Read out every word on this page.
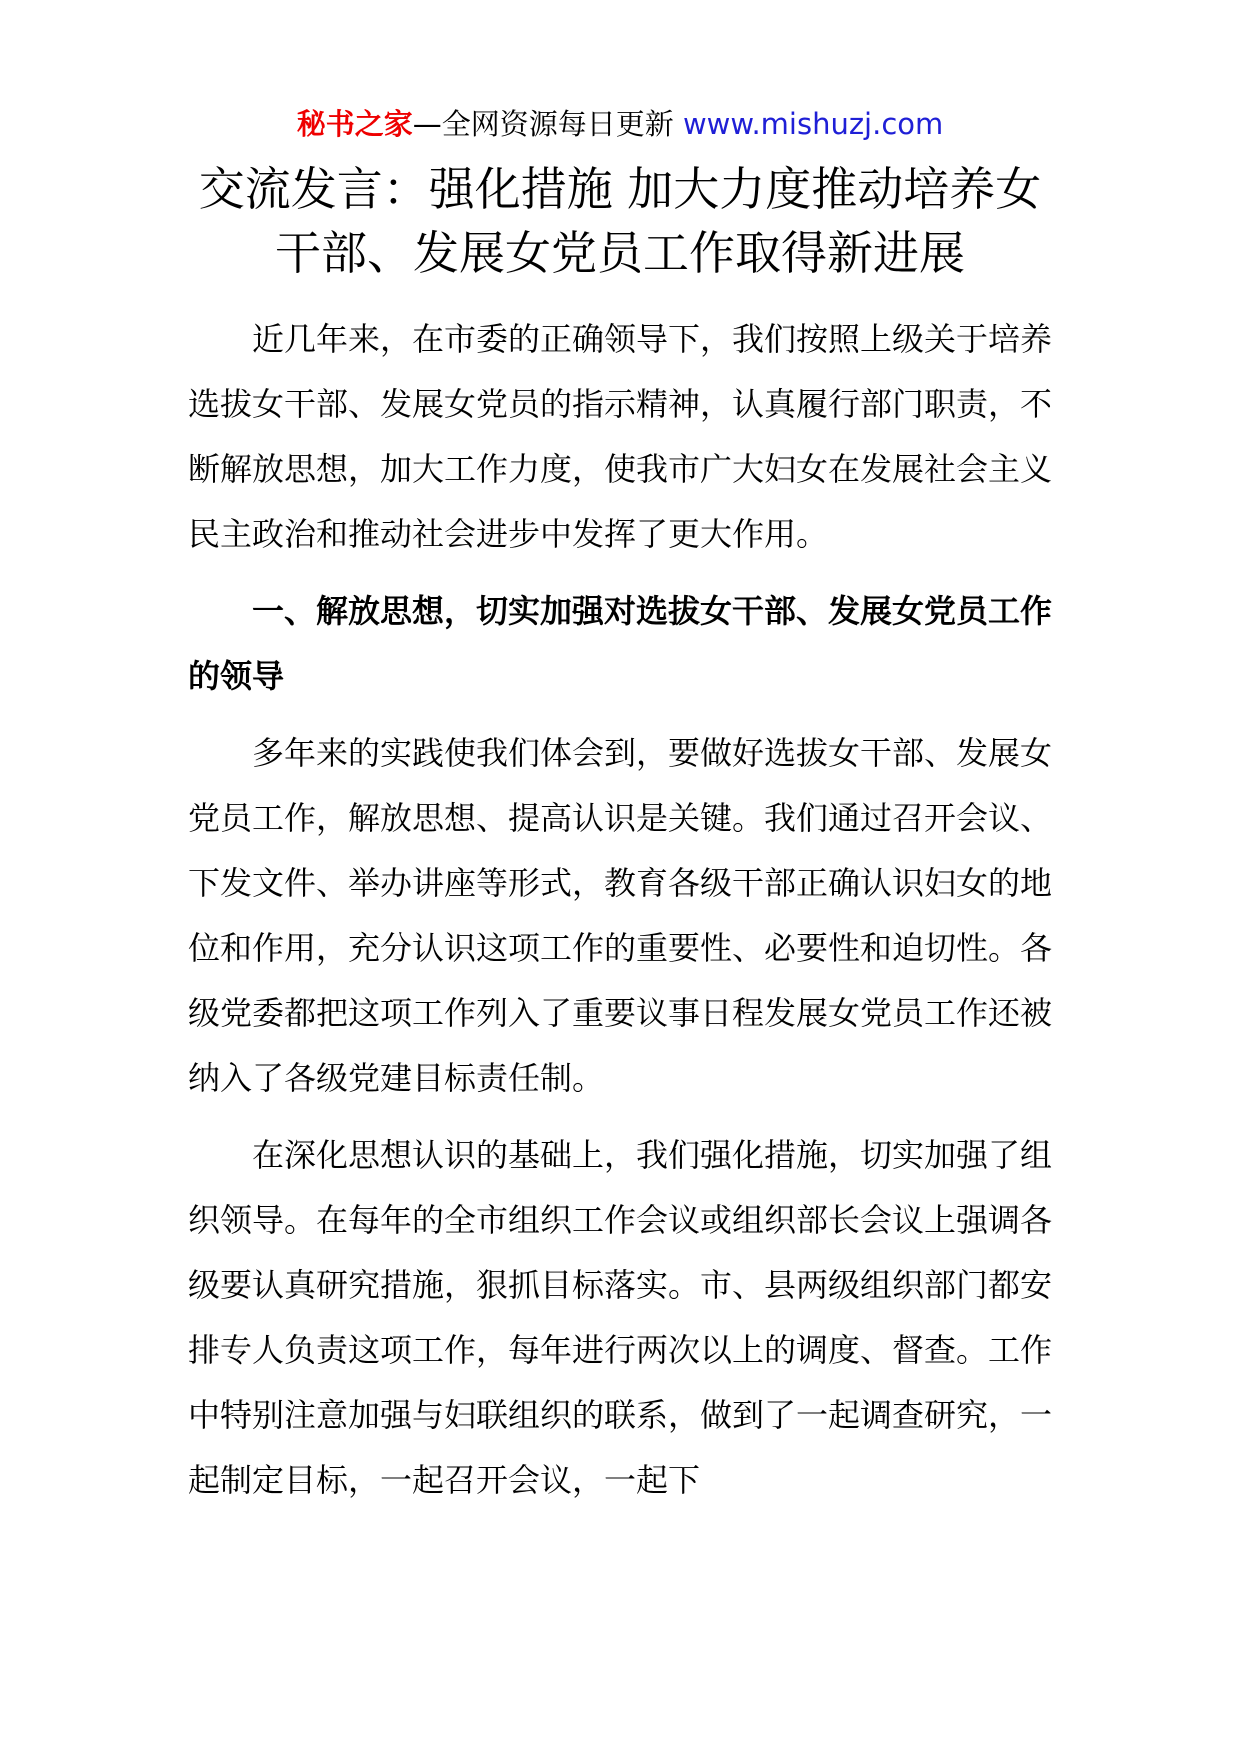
秘书之家—全网资源每日更新 www.mishuzj.com
交流发言：强化措施 加大力度推动培养女
干部、发展女党员工作取得新进展

近几年来，在市委的正确领导下，我们按照上级关于培养选拔女干部、发展女党员的指示精神，认真履行部门职责，不断解放思想，加大工作力度，使我市广大妇女在发展社会主义民主政治和推动社会进步中发挥了更大作用。

一、解放思想，切实加强对选拔女干部、发展女党员工作的领导

多年来的实践使我们体会到，要做好选拔女干部、发展女党员工作，解放思想、提高认识是关键。我们通过召开会议、下发文件、举办讲座等形式，教育各级干部正确认识妇女的地位和作用，充分认识这项工作的重要性、必要性和迫切性。各级党委都把这项工作列入了重要议事日程发展女党员工作还被纳入了各级党建目标责任制。

在深化思想认识的基础上，我们强化措施，切实加强了组织领导。在每年的全市组织工作会议或组织部长会议上强调各级要认真研究措施，狠抓目标落实。市、县两级组织部门都安排专人负责这项工作，每年进行两次以上的调度、督查。工作中特别注意加强与妇联组织的联系，做到了一起调查研究，一起制定目标，一起召开会议，一起下
